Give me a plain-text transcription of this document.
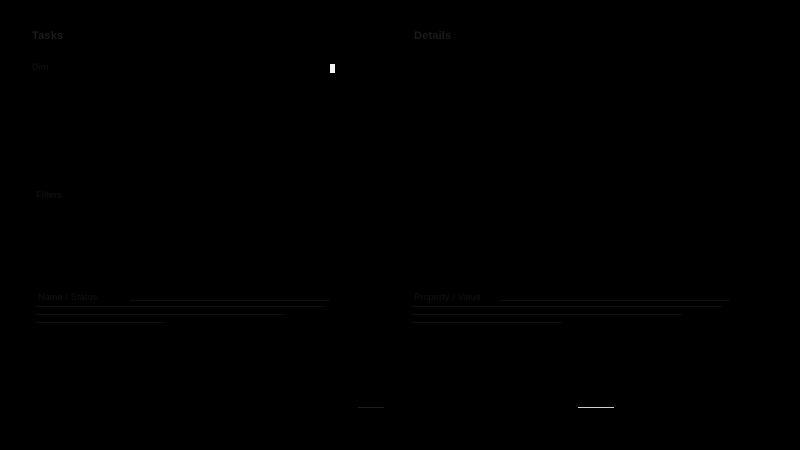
Tasks
Dim
Filters
Name / Status
Details
Property / Value
